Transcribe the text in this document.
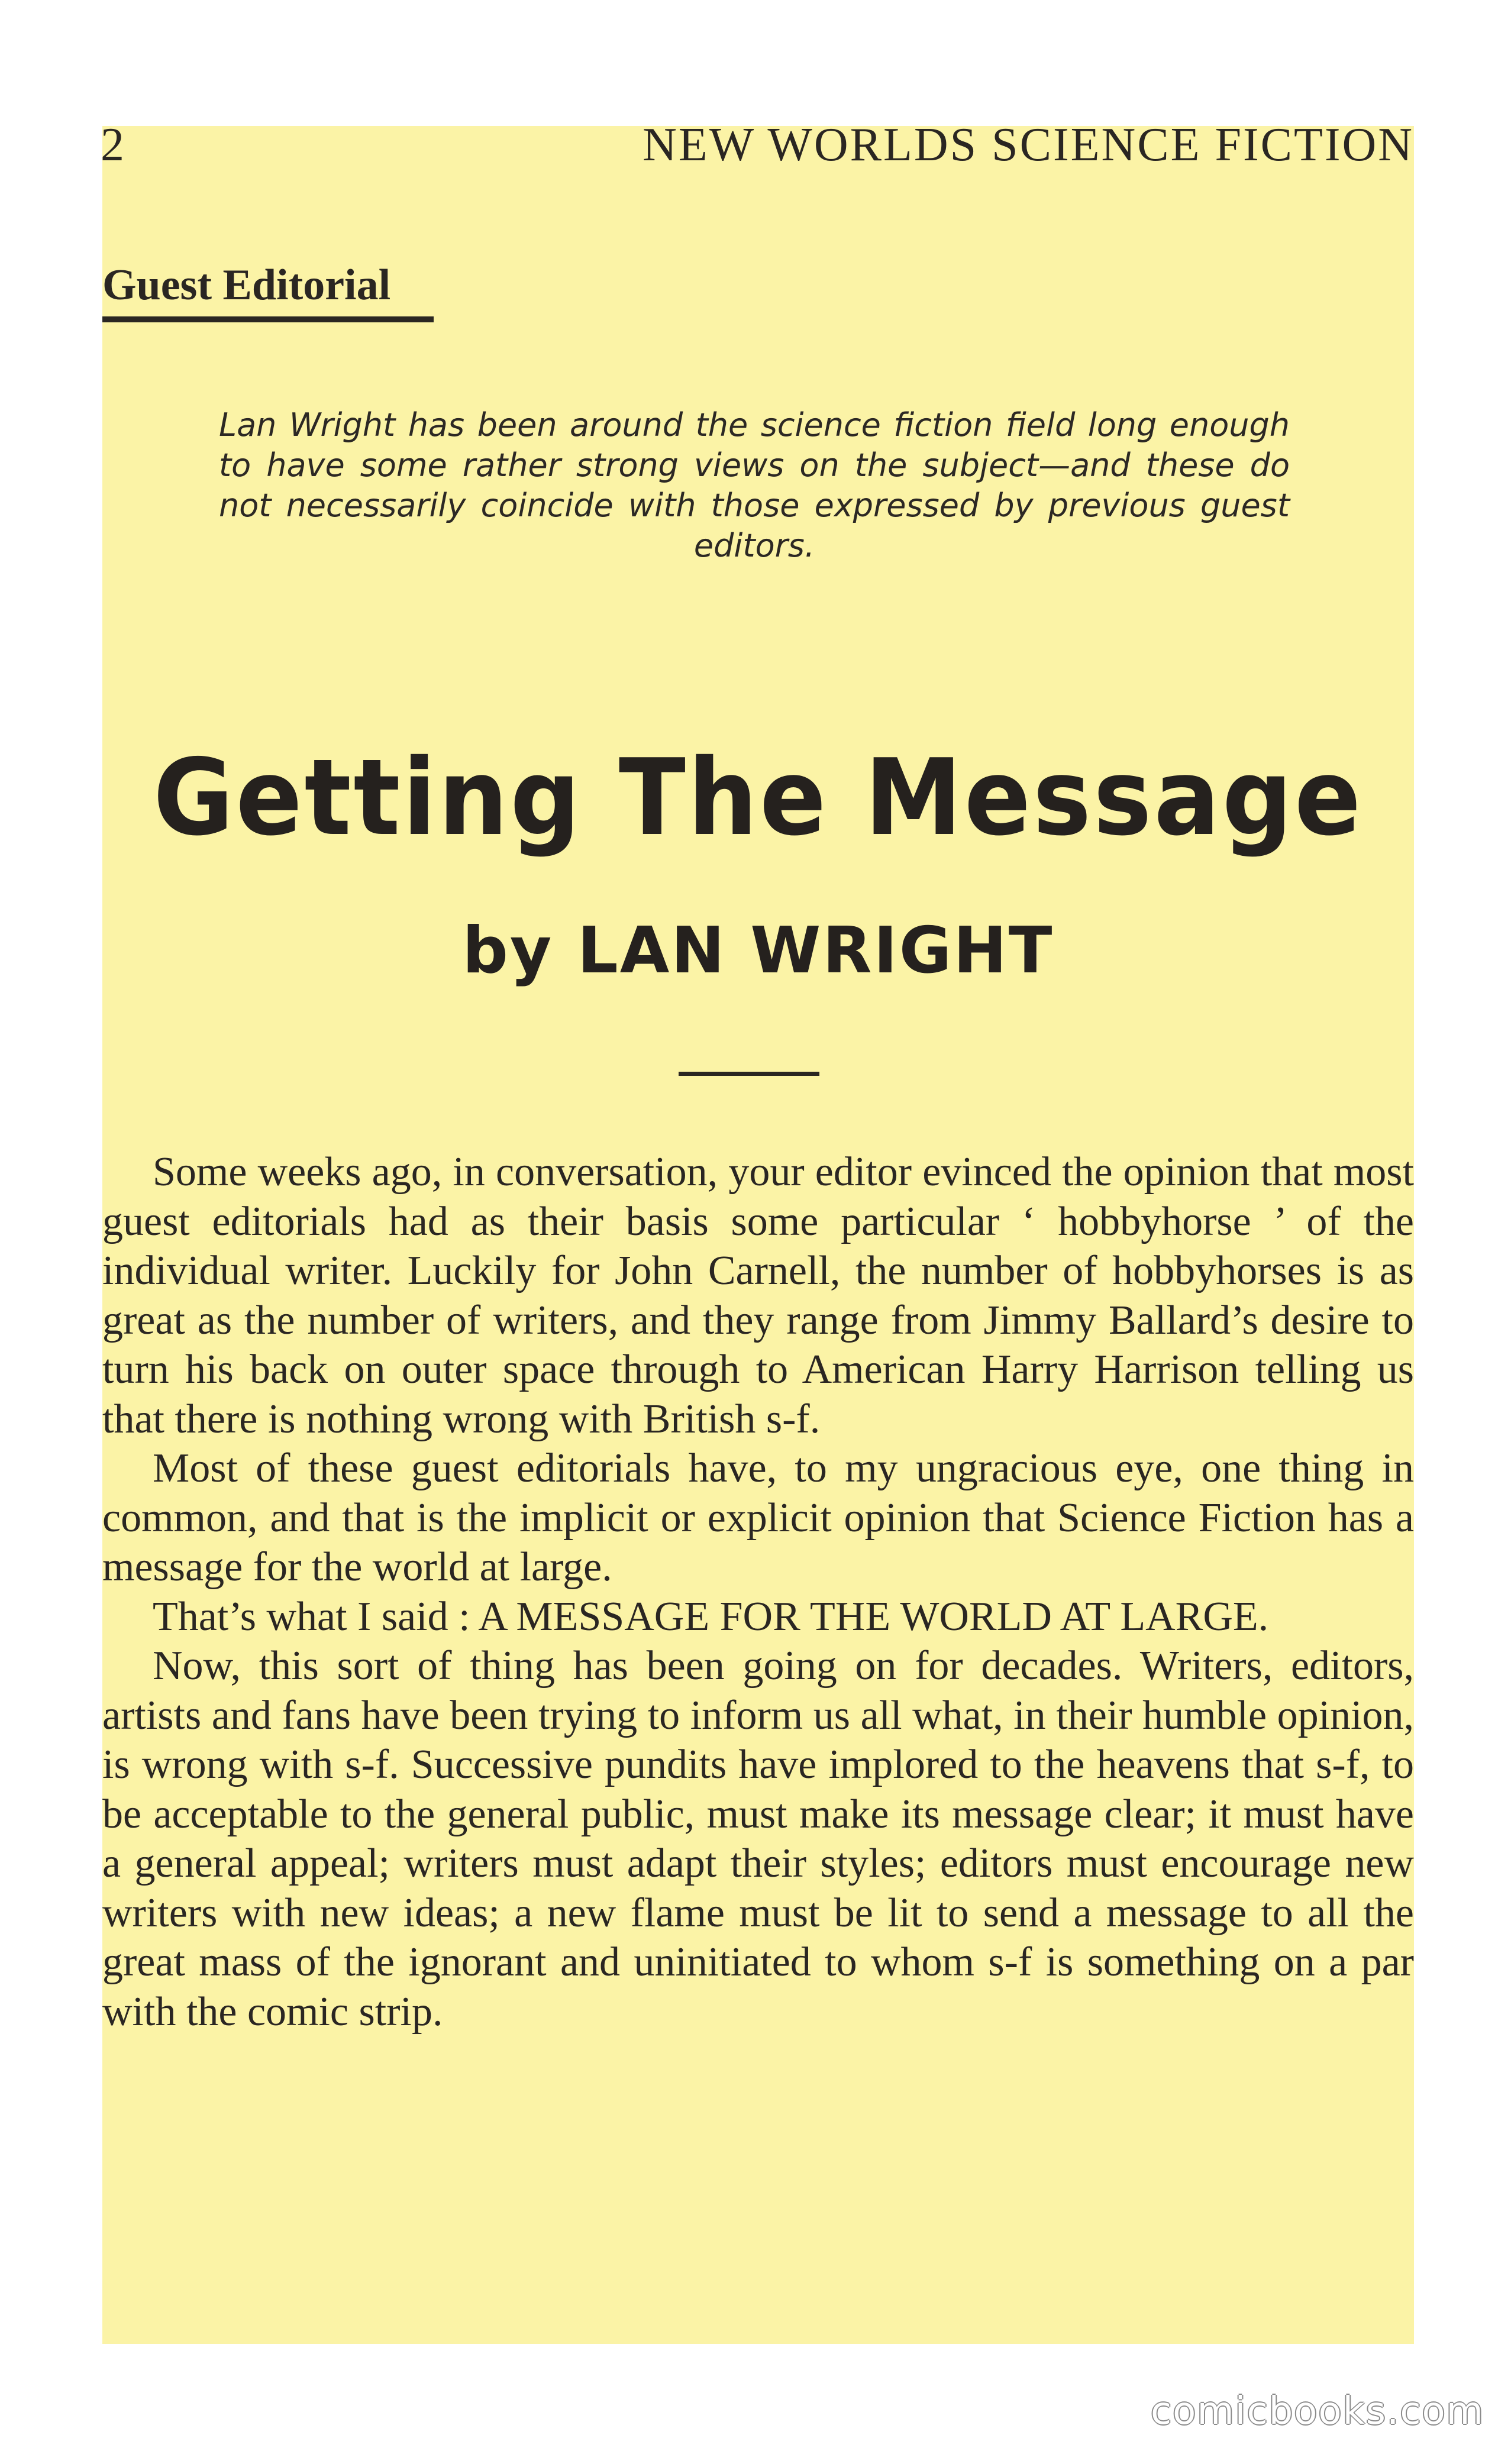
2	NEW WORLDS SCIENCE FICTION
Guest Editorial
Lan Wright has been around the science fiction field long enough to have some rather strong views on the subject—and these do not necessarily coincide with those expressed by previous guest editors.
Getting The Message
by LAN WRIGHT

Some weeks ago, in conversation, your editor evinced the opinion that most guest editorials had as their basis some particular ‘ hobbyhorse ’ of the individual writer. Luckily for John Carnell, the number of hobbyhorses is as great as the number of writers, and they range from Jimmy Ballard’s desire to turn his back on outer space through to American Harry Harrison telling us that there is nothing wrong with British s-f.

Most of these guest editorials have, to my ungracious eye, one thing in common, and that is the implicit or explicit opinion that Science Fiction has a message for the world at large.

That’s what I said : A MESSAGE FOR THE WORLD AT LARGE.

Now, this sort of thing has been going on for decades. Writers, editors, artists and fans have been trying to inform us all what, in their humble opinion, is wrong with s-f. Successive pundits have implored to the heavens that s-f, to be acceptable to the general public, must make its message clear; it must have a general appeal; writers must adapt their styles; editors must encourage new writers with new ideas; a new flame must be lit to send a message to all the great mass of the ignorant and uninitiated to whom s-f is something on a par with the comic strip.

comicbooks.com
